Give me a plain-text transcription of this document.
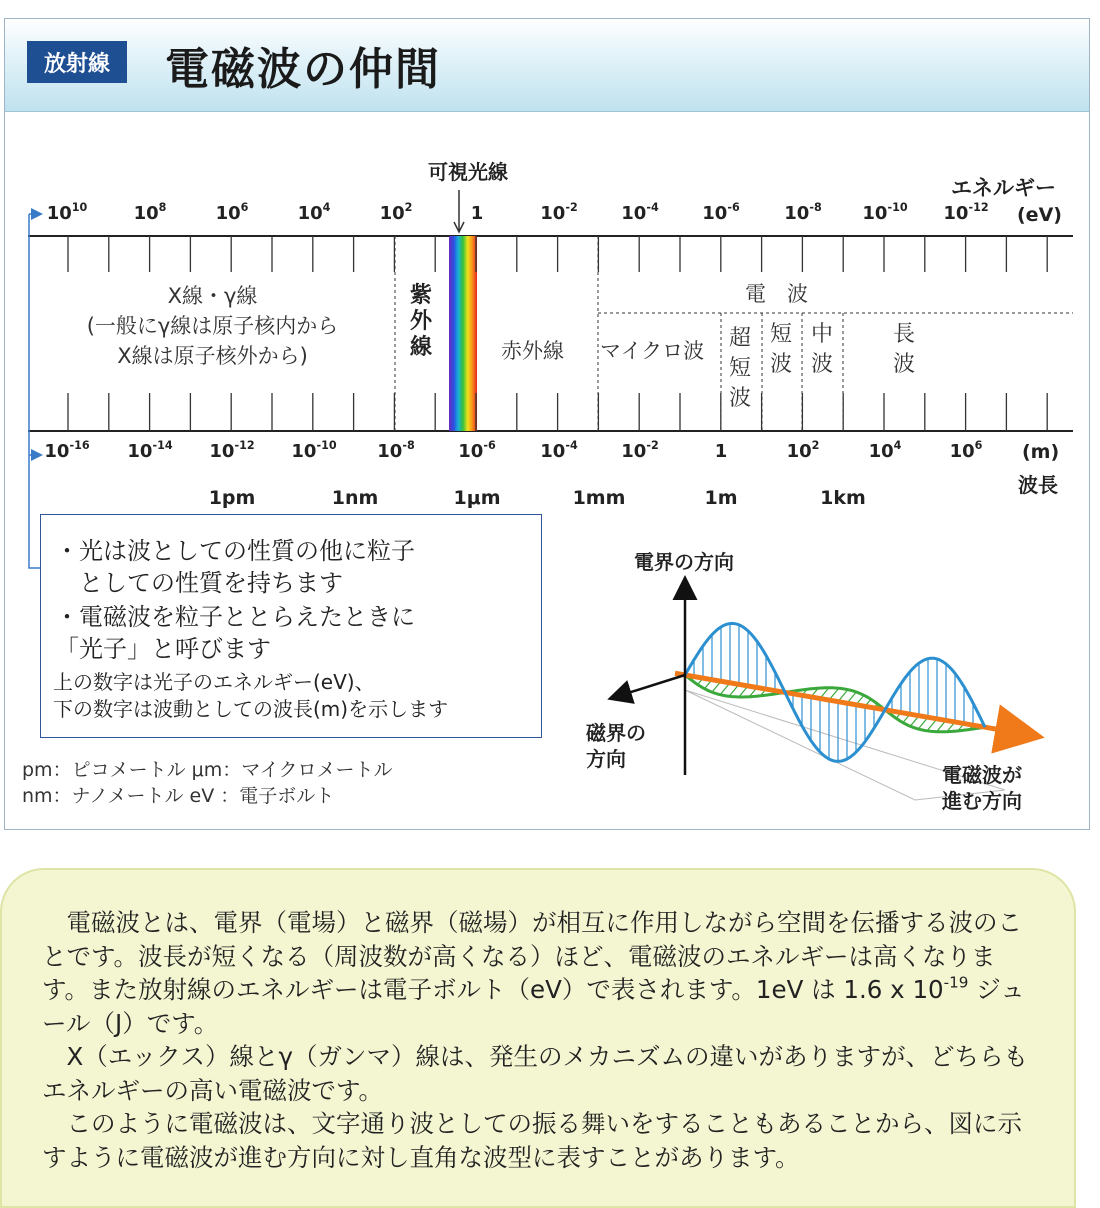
放射線	電磁波の仲間
$10^{10}$	$10^8$	$10^6$	$10^4$	$10^2$	1	$10^{-2}$	$10^{-4}$	$10^{-6}$	$10^{-8}$	$10^{-10}$	$10^{-12}$
$10^{-16}$	$10^{-14}$	$10^{-12}$	$10^{-10}$	$10^{-8}$	$10^{-6}$	$10^{-4}$	$10^{-2}$	1	$10^2$	$10^4$	$10^6$
可視光線
エネルギー
(eV)
(m)
波長
1pm	1nm	1μm	1mm	1m	1km
X線・γ線
(一般にγ線は原子核内から
X線は原子核外から)
紫外線	赤外線
電　波
マイクロ波 超短波
短波
中波
長波
・光は波としての性質の他に粒子
　としての性質を持ちます
・電磁波を粒子ととらえたときに
「光子」と呼びます
上の数字は光子のエネルギー(eV)、
下の数字は波動としての波長(m)を示します
pm：ピコメートル μm：マイクロメートル
nm：ナノメートル eV ：電子ボルト
電界の方向
磁界の
方向
電磁波が
進む方向

電磁波とは、電界（電場）と磁界（磁場）が相互に作用しながら空間を伝播する波のことです。波長が短くなる（周波数が高くなる）ほど、電磁波のエネルギーは高くなります。また放射線のエネルギーは電子ボルト（eV）で表されます。1eV は 1.6 x $10^{-19}$ ジュール（J）です。

X（エックス）線とγ（ガンマ）線は、発生のメカニズムの違いがありますが、どちらもエネルギーの高い電磁波です。

このように電磁波は、文字通り波としての振る舞いをすることもあることから、図に示すように電磁波が進む方向に対し直角な波型に表すことがあります。
